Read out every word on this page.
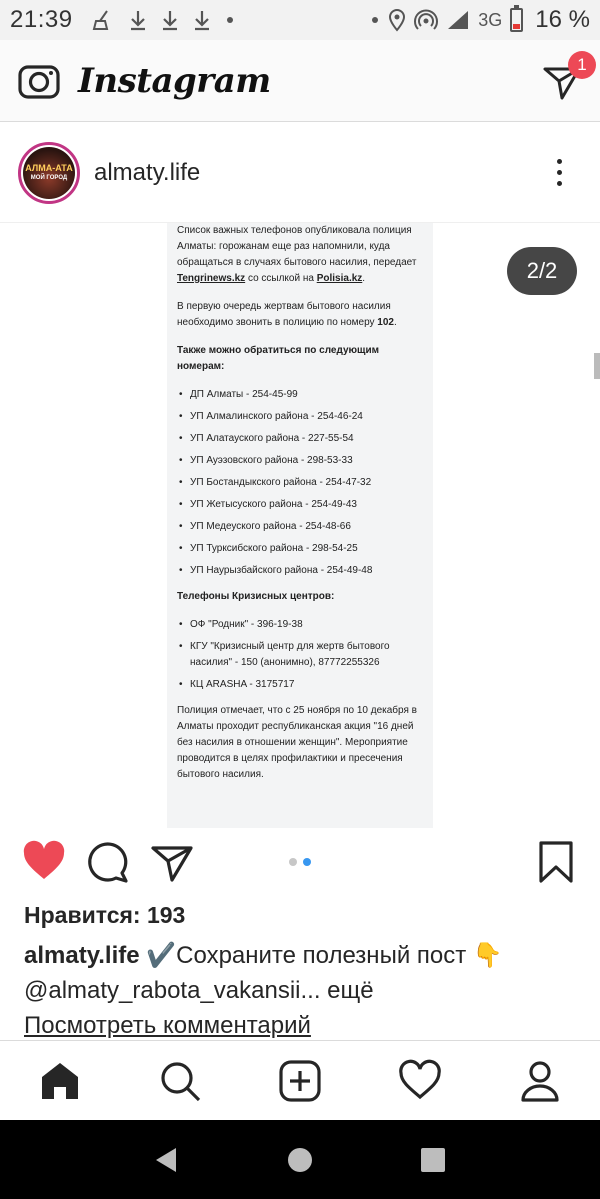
21:39	3G 16 %
Instagram	1
АЛМА-АТА
МОЙ ГОРОД almaty.life

Список важных телефонов опубликовала полиция Алматы: горожанам еще раз напомнили, куда обращаться в случаях бытового насилия, передает Tengrinews.kz со ссылкой на Polisia.kz.

В первую очередь жертвам бытового насилия необходимо звонить в полицию по номеру 102.

Также можно обратиться по следующим номерам:

• ДП Алматы - 254-45-99
• УП Алмалинского района - 254-46-24
• УП Алатауского района - 227-55-54
• УП Ауэзовского района - 298-53-33
• УП Бостандыкского района - 254-47-32
• УП Жетысуского района - 254-49-43
• УП Медеуского района - 254-48-66
• УП Турксибского района - 298-54-25
• УП Наурызбайского района - 254-49-48

Телефоны Кризисных центров:

• ОФ "Родник" - 396-19-38
• КГУ "Кризисный центр для жертв бытового насилия" - 150 (анонимно), 87772255326
• КЦ ARASHA - 3175717

Полиция отмечает, что с 25 ноября по 10 декабря в Алматы проходит республиканская акция "16 дней без насилия в отношении женщин". Мероприятие проводится в целях профилактики и пресечения бытового насилия.

2/2
Нравится: 193
almaty.life ✔️Сохраните полезный пост 👇 @almaty_rabota_vakansii... ещё
Посмотреть комментарий
